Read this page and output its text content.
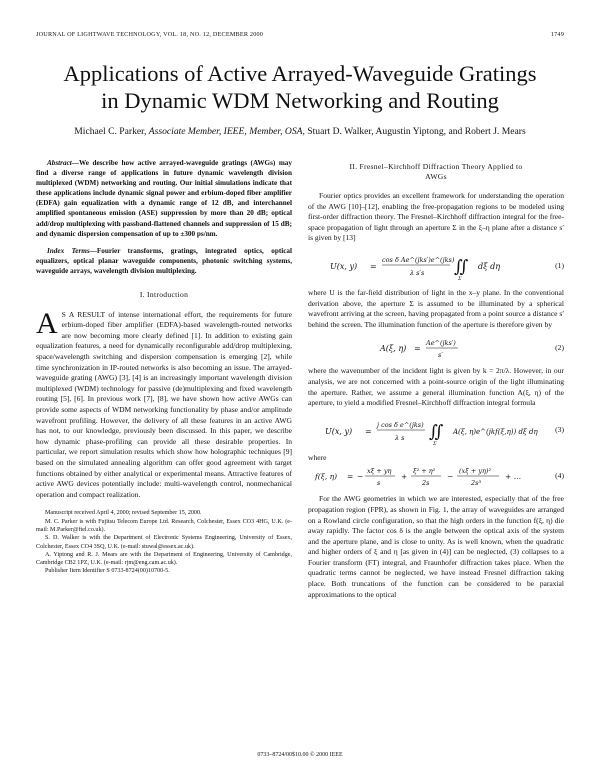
JOURNAL OF LIGHTWAVE TECHNOLOGY, VOL. 18, NO. 12, DECEMBER 2000	1749
Applications of Active Arrayed-Waveguide Gratings
in Dynamic WDM Networking and Routing
Michael C. Parker, Associate Member, IEEE, Member, OSA, Stuart D. Walker, Augustin Yiptong, and Robert J. Mears

Abstract—We describe how active arrayed-waveguide gratings (AWGs) may find a diverse range of applications in future dynamic wavelength division multiplexed (WDM) networking and routing. Our initial simulations indicate that these applications include dynamic signal power and erbium-doped fiber amplifier (EDFA) gain equalization with a dynamic range of 12 dB, and interchannel amplified spontaneous emission (ASE) suppression by more than 20 dB; optical add/drop multiplexing with passband-flattened channels and suppression of 15 dB; and dynamic dispersion compensation of up to ±300 ps/nm.

Index Terms—Fourier transforms, gratings, integrated optics, optical equalizers, optical planar waveguide components, photonic switching systems, waveguide arrays, wavelength division multiplexing.

I. Introduction

A S A RESULT of intense international effort, the requirements for future erbium-doped fiber amplifier (EDFA)-based wavelength-routed networks are now becoming more clearly defined [1]. In addition to existing gain equalization features, a need for dynamically reconfigurable add/drop multiplexing, space/wavelength switching and dispersion compensation is emerging [2], while time synchronization in IP-routed networks is also becoming an issue. The arrayed-waveguide grating (AWG) [3], [4] is an increasingly important wavelength division multiplexed (WDM) technology for passive (de)multiplexing and fixed wavelength routing [5], [6]. In previous work [7], [8], we have shown how active AWGs can provide some aspects of WDM networking functionality by phase and/or amplitude wavefront profiling. However, the delivery of all these features in an active AWG has not, to our knowledge, previously been discussed. In this paper, we describe how dynamic phase-profiling can provide all these desirable properties. In particular, we report simulation results which show how holographic techniques [9] based on the simulated annealing algorithm can offer good agreement with target functions obtained by either analytical or experimental means. Attractive features of active AWG devices potentially include: multi-wavelength control, nonmechanical operation and compact realization.

Manuscript received April 4, 2000; revised September 15, 2000.

M. C. Parker is with Fujitsu Telecom Europe Ltd. Research, Colchester, Essex CO3 4HG, U.K. (e-mail: M.Parker@ftel.co.uk).

S. D. Walker is with the Department of Electronic Systems Engineering, University of Essex, Colchester, Essex CO4 3SQ, U.K. (e-mail: stuwal@essex.ac.uk).

A. Yiptong and R. J. Mears are with the Department of Engineering, University of Cambridge, Cambridge CB2 1PZ, U.K. (e-mail: rjm@eng.cam.ac.uk).

Publisher Item Identifier S 0733-8724(00)10700-5.

II. Fresnel–Kirchhoff Diffraction Theory Applied to
AWGs

Fourier optics provides an excellent framework for understanding the operation of the AWG [10]–[12], enabling the free-propagation regions to be modeled using first-order diffraction theory. The Fresnel–Kirchhoff diffraction integral for the free-space propagation of light through an aperture Σ in the ξ–η plane after a distance s′ is given by [13]

U(x, y) =
cos δ Ae^(jks′)e^(jks)
λ s′s ∬
Σ
dξ dη	(1)

where U is the far-field distribution of light in the x–y plane. In the conventional derivation above, the aperture Σ is assumed to be illuminated by a spherical wavefront arriving at the screen, having propagated from a point source a distance s′ behind the screen. The illumination function of the aperture is therefore given by

A(ξ, η) =
Ae^(jks′)
s′
(2)

where the wavenumber of the incident light is given by k = 2π/λ. However, in our analysis, we are not concerned with a point-source origin of the light illuminating the aperture. Rather, we assume a general illumination function A(ξ, η) of the aperture, to yield a modified Fresnel–Kirchhoff diffraction integral formula

U(x, y) =
j cos δ e^(jks)
λ s ∬
Σ
A(ξ, η)e^(jkf(ξ,η)) dξ dη	(3)

where

f(ξ, η) = −
xξ + yη
s
+
ξ² + η²
2s
−
(xξ + yη)²
2s³
+ …	(4)

For the AWG geometries in which we are interested, especially that of the free propagation region (FPR), as shown in Fig. 1, the array of waveguides are arranged on a Rowland circle configuration, so that the high orders in the function f(ξ, η) die away rapidly. The factor cos δ is the angle between the optical axis of the system and the aperture plane, and is close to unity. As is well known, when the quadratic and higher orders of ξ and η [as given in (4)] can be neglected, (3) collapses to a Fourier transform (FT) integral, and Fraunhofer diffraction takes place. When the quadratic terms cannot be neglected, we have instead Fresnel diffraction taking place. Both truncations of the function can be considered to be paraxial approximations to the optical

0733–8724/00$10.00 © 2000 IEEE
